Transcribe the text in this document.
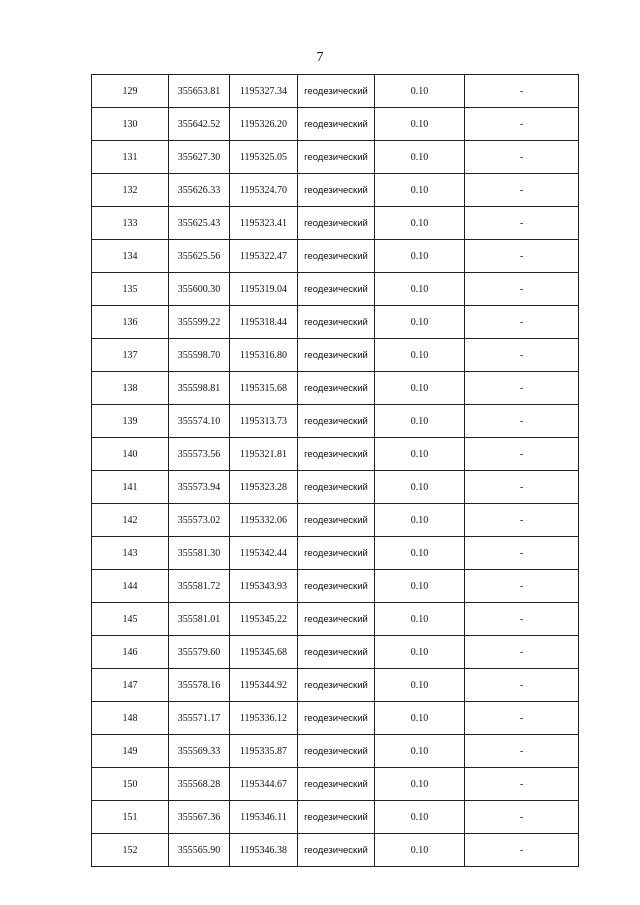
7
129	355653.81	1195327.34	геодезический	0.10	-
130	355642.52	1195326.20	геодезический	0.10	-
131	355627.30	1195325.05	геодезический	0.10	-
132	355626.33	1195324.70	геодезический	0.10	-
133	355625.43	1195323.41	геодезический	0.10	-
134	355625.56	1195322.47	геодезический	0.10	-
135	355600.30	1195319.04	геодезический	0.10	-
136	355599.22	1195318.44	геодезический	0.10	-
137	355598.70	1195316.80	геодезический	0.10	-
138	355598.81	1195315.68	геодезический	0.10	-
139	355574.10	1195313.73	геодезический	0.10	-
140	355573.56	1195321.81	геодезический	0.10	-
141	355573.94	1195323.28	геодезический	0.10	-
142	355573.02	1195332.06	геодезический	0.10	-
143	355581.30	1195342.44	геодезический	0.10	-
144	355581.72	1195343.93	геодезический	0.10	-
145	355581.01	1195345.22	геодезический	0.10	-
146	355579.60	1195345.68	геодезический	0.10	-
147	355578.16	1195344.92	геодезический	0.10	-
148	355571.17	1195336.12	геодезический	0.10	-
149	355569.33	1195335.87	геодезический	0.10	-
150	355568.28	1195344.67	геодезический	0.10	-
151	355567.36	1195346.11	геодезический	0.10	-
152	355565.90	1195346.38	геодезический	0.10	-
